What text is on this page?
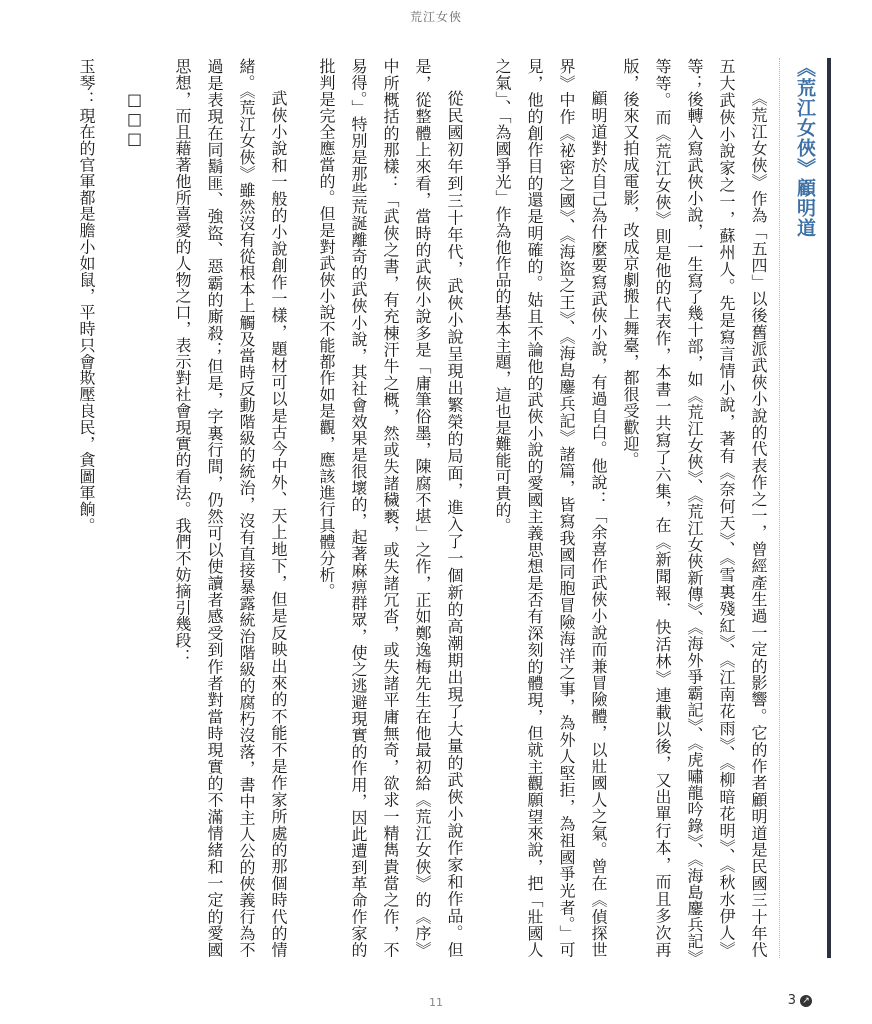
荒江女俠
《荒江女俠》顧明道

《荒江女俠》作為「五四」以後舊派武俠小說的代表作之一，曾經產生過一定的影響。它的作者顧明道是民國三十年代五大武俠小說家之一，蘇州人。先是寫言情小說，著有《奈何天》、《雪裏殘紅》、《江南花雨》、《柳暗花明》、《秋水伊人》等；後轉入寫武俠小說，一生寫了幾十部，如《荒江女俠》、《荒江女俠新傳》、《海外爭霸記》、《虎嘯龍吟錄》、《海島鏖兵記》等等。而《荒江女俠》則是他的代表作，本書一共寫了六集，在《新聞報．快活林》連載以後，又出單行本，而且多次再版，後來又拍成電影，改成京劇搬上舞臺，都很受歡迎。

顧明道對於自己為什麼要寫武俠小說，有過自白。他說：「余喜作武俠小說而兼冒險體，以壯國人之氣。曾在《偵探世界》中作《祕密之國》、《海盜之王》、《海島鏖兵記》諸篇，皆寫我國同胞冒險海洋之事，為外人堅拒，為祖國爭光者。」可見，他的創作目的還是明確的。姑且不論他的武俠小說的愛國主義思想是否有深刻的體現，但就主觀願望來說，把「壯國人之氣」、「為國爭光」作為他作品的基本主題，這也是難能可貴的。

從民國初年到三十年代，武俠小說呈現出繁榮的局面，進入了一個新的高潮期出現了大量的武俠小說作家和作品。但是，從整體上來看，當時的武俠小說多是「庸筆俗墨，陳腐不堪」之作，正如鄭逸梅先生在他最初給《荒江女俠》的《序》中所概括的那樣：「武俠之書，有充棟汗牛之概，然或失諸穢褻，或失諸冗沓，或失諸平庸無奇，欲求一精雋貴當之作，不易得。」特別是那些荒誕離奇的武俠小說，其社會效果是很壞的，起著麻痹群眾，使之逃避現實的作用，因此遭到革命作家的批判是完全應當的。但是對武俠小說不能都作如是觀，應該進行具體分析。

武俠小說和一般的小說創作一樣，題材可以是古今中外、天上地下，但是反映出來的不能不是作家所處的那個時代的情緒。《荒江女俠》雖然沒有從根本上觸及當時反動階級的統治，沒有直接暴露統治階級的腐朽沒落，書中主人公的俠義行為不過是表現在同鬍匪、強盜、惡霸的廝殺；但是，字裏行間，仍然可以使讀者感受到作者對當時現實的不滿情緒和一定的愛國思想，而且藉著他所喜愛的人物之口，表示對社會現實的看法。我們不妨摘引幾段：

□□□

玉琴：現在的官軍都是膽小如鼠，平時只會欺壓良民，貪圖軍餉。

11	3 ↗
